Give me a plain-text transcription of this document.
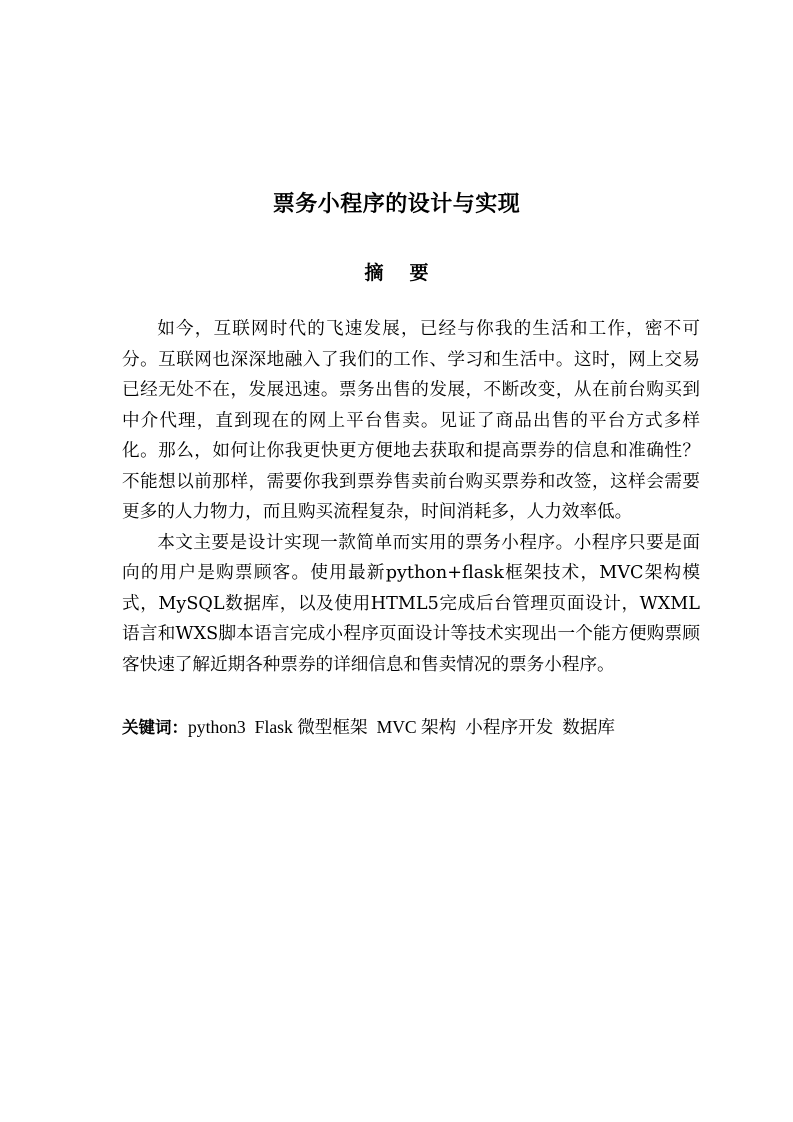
票务小程序的设计与实现
摘 要

如今，互联网时代的飞速发展，已经与你我的生活和工作，密不可分。互联网也深深地融入了我们的工作、学习和生活中。这时，网上交易已经无处不在，发展迅速。票务出售的发展，不断改变，从在前台购买到中介代理，直到现在的网上平台售卖。见证了商品出售的平台方式多样化。那么，如何让你我更快更方便地去获取和提高票券的信息和准确性？不能想以前那样，需要你我到票券售卖前台购买票券和改签，这样会需要更多的人力物力，而且购买流程复杂，时间消耗多，人力效率低。

本文主要是设计实现一款简单而实用的票务小程序。小程序只要是面向的用户是购票顾客。使用最新python+flask框架技术，MVC架构模式，MySQL数据库，以及使用HTML5完成后台管理页面设计，WXML语言和WXS脚本语言完成小程序页面设计等技术实现出一个能方便购票顾客快速了解近期各种票券的详细信息和售卖情况的票务小程序。

关键词：python3 Flask 微型框架 MVC 架构 小程序开发 数据库
